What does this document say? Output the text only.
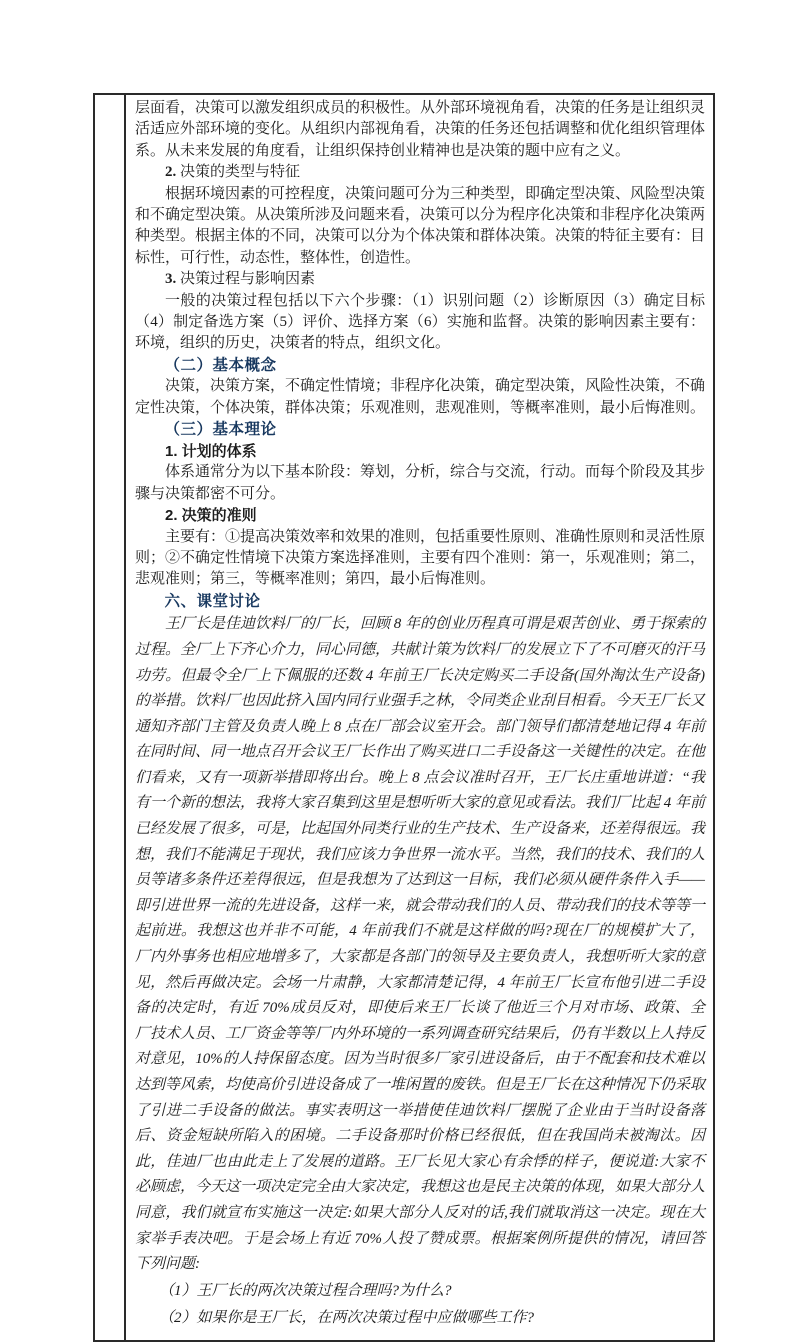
层面看，决策可以激发组织成员的积极性。从外部环境视角看，决策的任务是让组织灵活适应外部环境的变化。从组织内部视角看，决策的任务还包括调整和优化组织管理体系。从未来发展的角度看，让组织保持创业精神也是决策的题中应有之义。

2. 决策的类型与特征

根据环境因素的可控程度，决策问题可分为三种类型，即确定型决策、风险型决策和不确定型决策。从决策所涉及问题来看，决策可以分为程序化决策和非程序化决策两种类型。根据主体的不同，决策可以分为个体决策和群体决策。决策的特征主要有：目标性，可行性，动态性，整体性，创造性。

3. 决策过程与影响因素

一般的决策过程包括以下六个步骤：（1）识别问题（2）诊断原因（3）确定目标（4）制定备选方案（5）评价、选择方案（6）实施和监督。决策的影响因素主要有：环境，组织的历史，决策者的特点，组织文化。

（二）基本概念

决策，决策方案，不确定性情境；非程序化决策，确定型决策，风险性决策，不确定性决策，个体决策，群体决策；乐观准则，悲观准则，等概率准则，最小后悔准则。

（三）基本理论

1. 计划的体系

体系通常分为以下基本阶段：筹划，分析，综合与交流，行动。而每个阶段及其步骤与决策都密不可分。

2. 决策的准则

主要有：①提高决策效率和效果的准则，包括重要性原则、准确性原则和灵活性原则；②不确定性情境下决策方案选择准则，主要有四个准则：第一，乐观准则；第二，悲观准则；第三，等概率准则；第四，最小后悔准则。

六、课堂讨论

王厂长是佳迪饮料厂的厂长，回顾 8 年的创业历程真可谓是艰苦创业、勇于探索的过程。全厂上下齐心介力，同心同德，共献计策为饮料厂的发展立下了不可磨灭的汗马功劳。但最令全厂上下佩服的还数 4 年前王厂长决定购买二手设备(国外淘汰生产设备)的举措。饮料厂也因此挤入国内同行业强手之林，令同类企业刮目相看。今天王厂长又通知齐部门主管及负责人晚上 8 点在厂部会议室开会。部门领导们都清楚地记得 4 年前在同时间、同一地点召开会议王厂长作出了购买进口二手设备这一关键性的决定。在他们看来，又有一项新举措即将出台。晚上 8 点会议准时召开，王厂长庄重地讲道：“我有一个新的想法，我将大家召集到这里是想听听大家的意见或看法。我们厂比起 4 年前已经发展了很多，可是，比起国外同类行业的生产技术、生产设备来，还差得很远。我想，我们不能满足于现状，我们应该力争世界一流水平。当然，我们的技术、我们的人员等诸多条件还差得很远，但是我想为了达到这一目标，我们必须从硬件条件入手——即引进世界一流的先进设备，这样一来，就会带动我们的人员、带动我们的技术等等一起前进。我想这也并非不可能，4 年前我们不就是这样做的吗?现在厂的规模扩大了，厂内外事务也相应地增多了，大家都是各部门的领导及主要负责人，我想听听大家的意见，然后再做决定。会场一片肃静，大家都清楚记得，4 年前王厂长宣布他引进二手设备的决定时，有近 70%成员反对，即使后来王厂长谈了他近三个月对市场、政策、全厂技术人员、工厂资金等等厂内外环境的一系列调查研究结果后，仍有半数以上人持反对意见，10%的人持保留态度。因为当时很多厂家引进设备后，由于不配套和技术难以达到等风索，均使高价引进设备成了一堆闲置的废铁。但是王厂长在这种情况下仍采取了引进二手设备的做法。事实表明这一举措使佳迪饮料厂摆脱了企业由于当时设备落后、资金短缺所陷入的困境。二手设备那时价格已经很低，但在我国尚未被淘汰。因此，佳迪厂也由此走上了发展的道路。王厂长见大家心有余悸的样子，便说道:大家不必顾虑，今天这一项决定完全由大家决定，我想这也是民主决策的体现，如果大部分人同意，我们就宣布实施这一决定:如果大部分人反对的话,我们就取消这一决定。现在大家举手表决吧。于是会场上有近 70%人投了赞成票。根据案例所提供的情况，请回答下列问题:

（1）王厂长的两次决策过程合理吗?为什么?

（2）如果你是王厂长，在两次决策过程中应做哪些工作?
